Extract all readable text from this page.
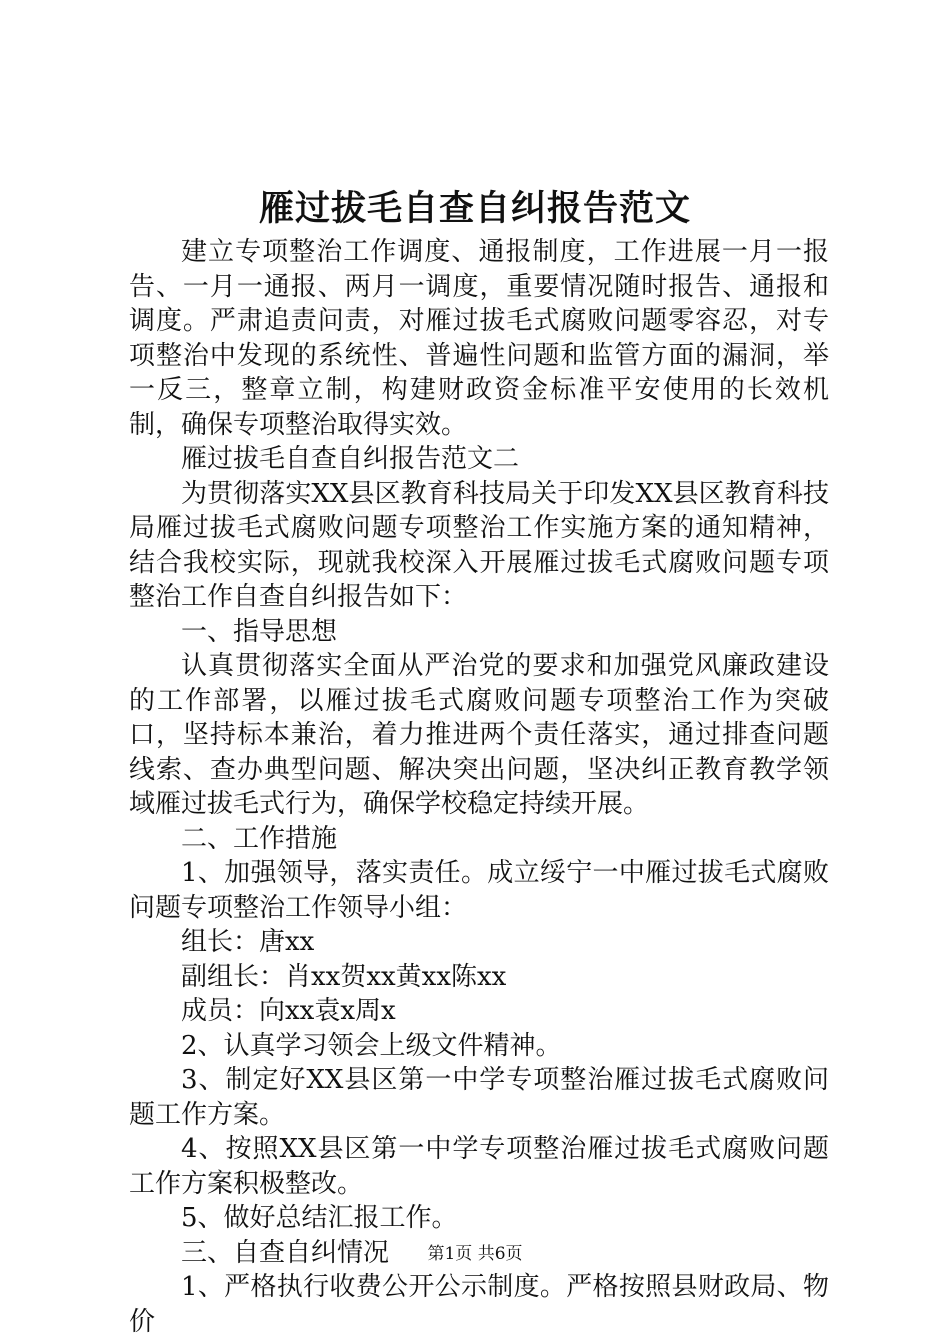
雁过拔毛自查自纠报告范文

建立专项整治工作调度、通报制度，工作进展一月一报告、一月一通报、两月一调度，重要情况随时报告、通报和调度。严肃追责问责，对雁过拔毛式腐败问题零容忍，对专项整治中发现的系统性、普遍性问题和监管方面的漏洞，举一反三，整章立制，构建财政资金标准平安使用的长效机制，确保专项整治取得实效。

雁过拔毛自查自纠报告范文二

为贯彻落实XX县区教育科技局关于印发XX县区教育科技局雁过拔毛式腐败问题专项整治工作实施方案的通知精神，结合我校实际，现就我校深入开展雁过拔毛式腐败问题专项整治工作自查自纠报告如下：

一、指导思想

认真贯彻落实全面从严治党的要求和加强党风廉政建设的工作部署，以雁过拔毛式腐败问题专项整治工作为突破口，坚持标本兼治，着力推进两个责任落实，通过排查问题线索、查办典型问题、解决突出问题，坚决纠正教育教学领域雁过拔毛式行为，确保学校稳定持续开展。

二、工作措施

1、加强领导，落实责任。成立绥宁一中雁过拔毛式腐败问题专项整治工作领导小组：

组长：唐xx

副组长：肖xx贺xx黄xx陈xx

成员：向xx袁x周x

2、认真学习领会上级文件精神。

3、制定好XX县区第一中学专项整治雁过拔毛式腐败问题工作方案。

4、按照XX县区第一中学专项整治雁过拔毛式腐败问题工作方案积极整改。

5、做好总结汇报工作。

三、自查自纠情况

1、严格执行收费公开公示制度。严格按照县财政局、物价

第1页 共6页
